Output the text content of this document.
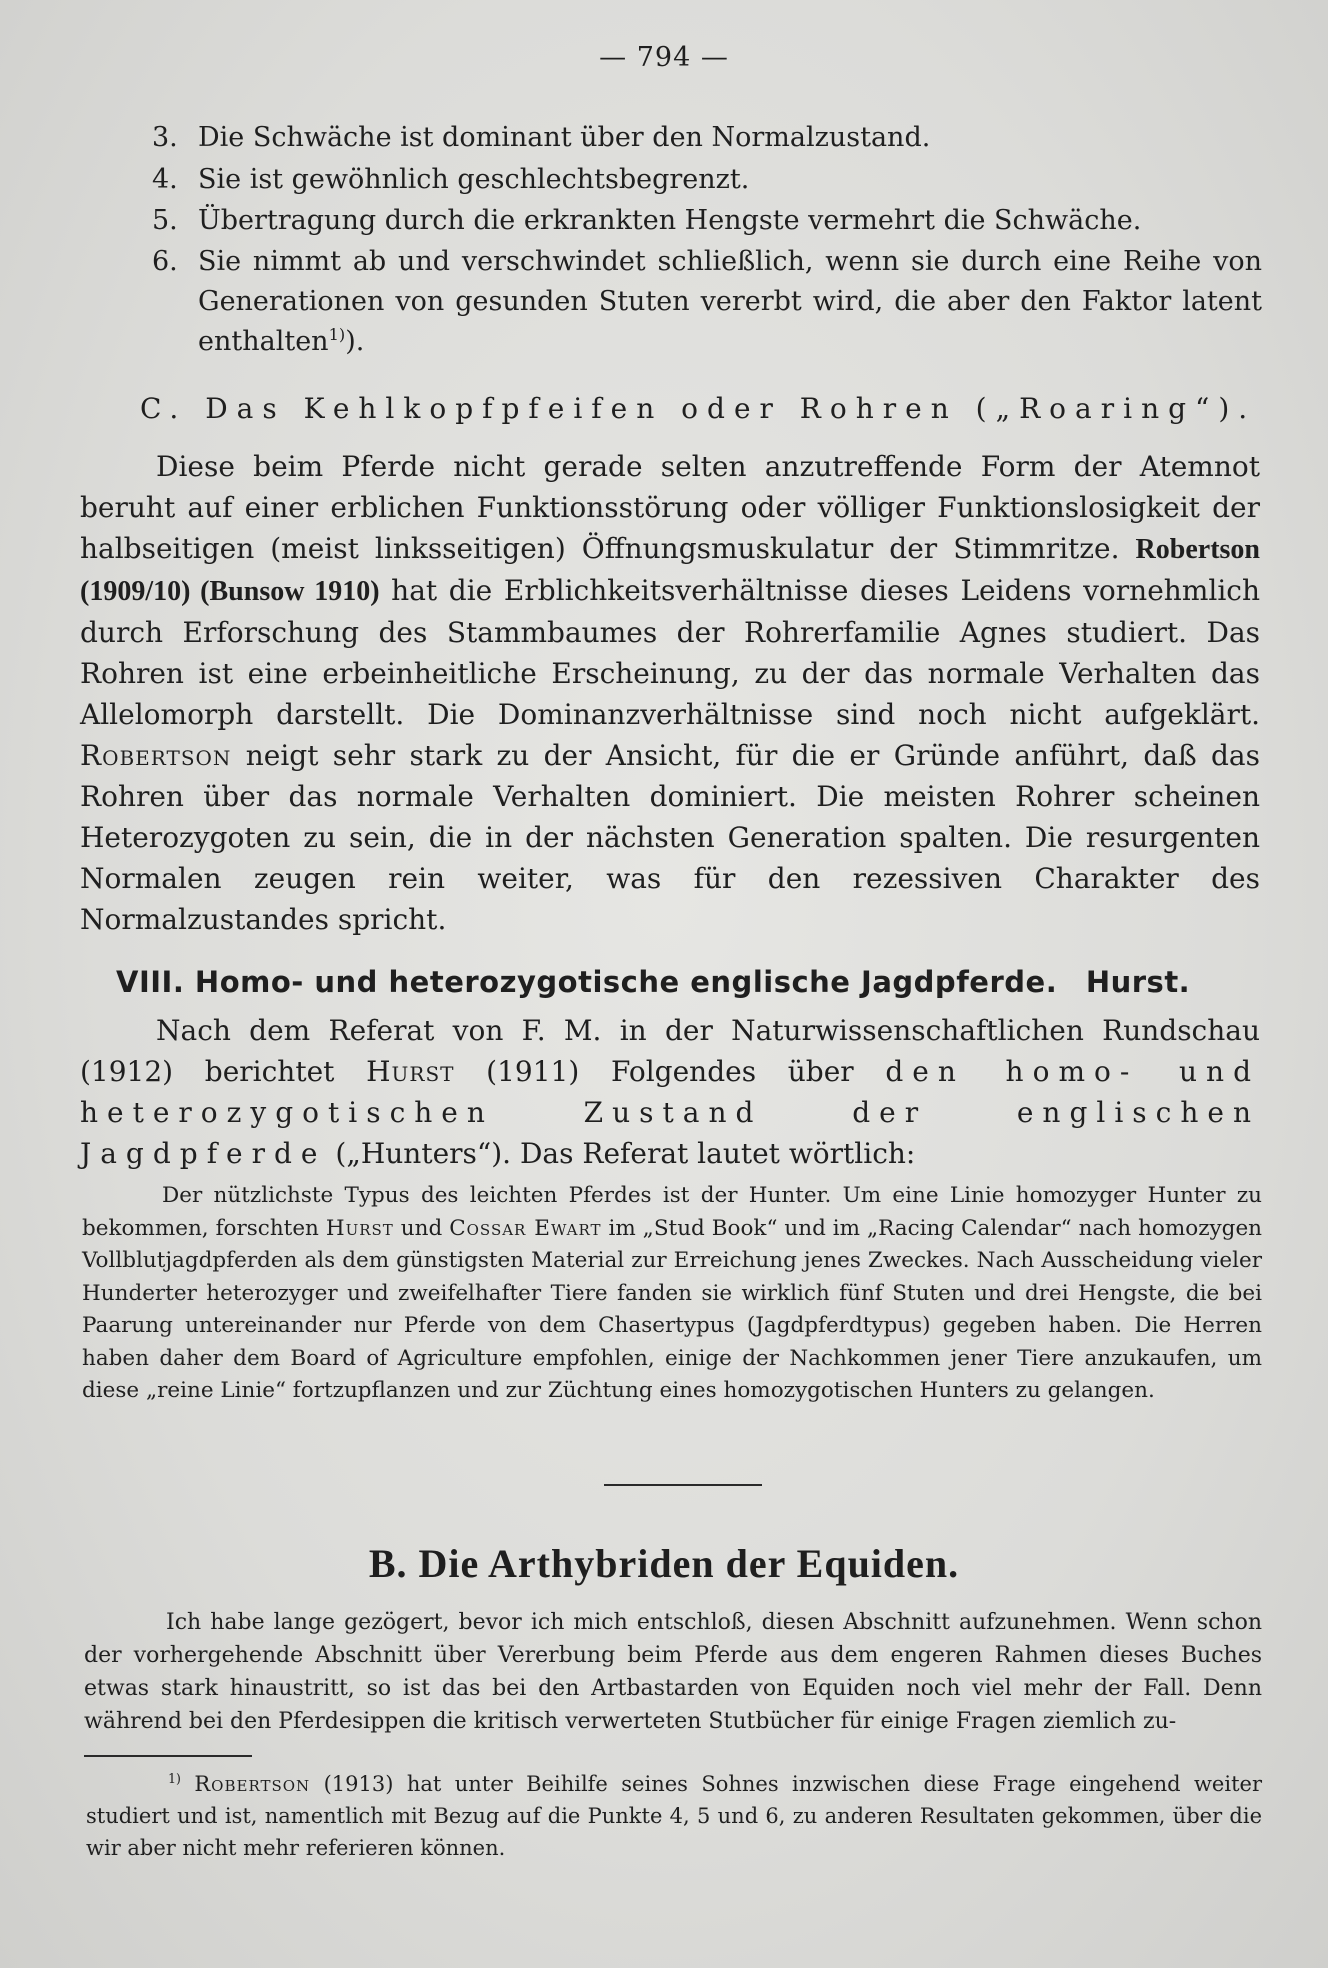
— 794 —
3. Die Schwäche ist dominant über den Normalzustand.
4. Sie ist gewöhnlich geschlechtsbegrenzt.
5. Übertragung durch die erkrankten Hengste vermehrt die Schwäche.
6. Sie nimmt ab und verschwindet schließlich, wenn sie durch eine Reihe von Generationen von gesunden Stuten vererbt wird, die aber den Faktor latent enthalten$^{1)}$).
C. Das Kehlkopfpfeifen oder Rohren („Roaring“).

Diese beim Pferde nicht gerade selten anzutreffende Form der Atemnot beruht auf einer erblichen Funktionsstörung oder völliger Funktionslosigkeit der halbseitigen (meist linksseitigen) Öffnungsmuskulatur der Stimmritze. Robertson (1909/10) (Bunsow 1910) hat die Erblichkeitsverhältnisse dieses Leidens vornehmlich durch Erforschung des Stammbaumes der Rohrerfamilie Agnes studiert. Das Rohren ist eine erbeinheitliche Erscheinung, zu der das normale Verhalten das Allelomorph darstellt. Die Dominanzverhältnisse sind noch nicht aufgeklärt. Robertson neigt sehr stark zu der Ansicht, für die er Gründe anführt, daß das Rohren über das normale Verhalten dominiert. Die meisten Rohrer scheinen Heterozygoten zu sein, die in der nächsten Generation spalten. Die resurgenten Normalen zeugen rein weiter, was für den rezessiven Charakter des Normalzustandes spricht.

VIII. Homo- und heterozygotische englische Jagdpferde. Hurst.

Nach dem Referat von F. M. in der Naturwissenschaftlichen Rundschau (1912) berichtet Hurst (1911) Folgendes über den homo- und heterozygotischen Zustand der englischen Jagdpferde („Hunters“). Das Referat lautet wörtlich:

Der nützlichste Typus des leichten Pferdes ist der Hunter. Um eine Linie homozyger Hunter zu bekommen, forschten Hurst und Cossar Ewart im „Stud Book“ und im „Racing Calendar“ nach homozygen Vollblutjagdpferden als dem günstigsten Material zur Erreichung jenes Zweckes. Nach Ausscheidung vieler Hunderter heterozyger und zweifelhafter Tiere fanden sie wirklich fünf Stuten und drei Hengste, die bei Paarung untereinander nur Pferde von dem Chasertypus (Jagdpferdtypus) gegeben haben. Die Herren haben daher dem Board of Agriculture empfohlen, einige der Nachkommen jener Tiere anzukaufen, um diese „reine Linie“ fortzupflanzen und zur Züchtung eines homozygotischen Hunters zu gelangen.

B. Die Arthybriden der Equiden.

Ich habe lange gezögert, bevor ich mich entschloß, diesen Abschnitt aufzunehmen. Wenn schon der vorhergehende Abschnitt über Vererbung beim Pferde aus dem engeren Rahmen dieses Buches etwas stark hinaustritt, so ist das bei den Artbastarden von Equiden noch viel mehr der Fall. Denn während bei den Pferdesippen die kritisch verwerteten Stutbücher für einige Fragen ziemlich zu-

$^{1)}$ Robertson (1913) hat unter Beihilfe seines Sohnes inzwischen diese Frage eingehend weiter studiert und ist, namentlich mit Bezug auf die Punkte 4, 5 und 6, zu anderen Resultaten gekommen, über die wir aber nicht mehr referieren können.
